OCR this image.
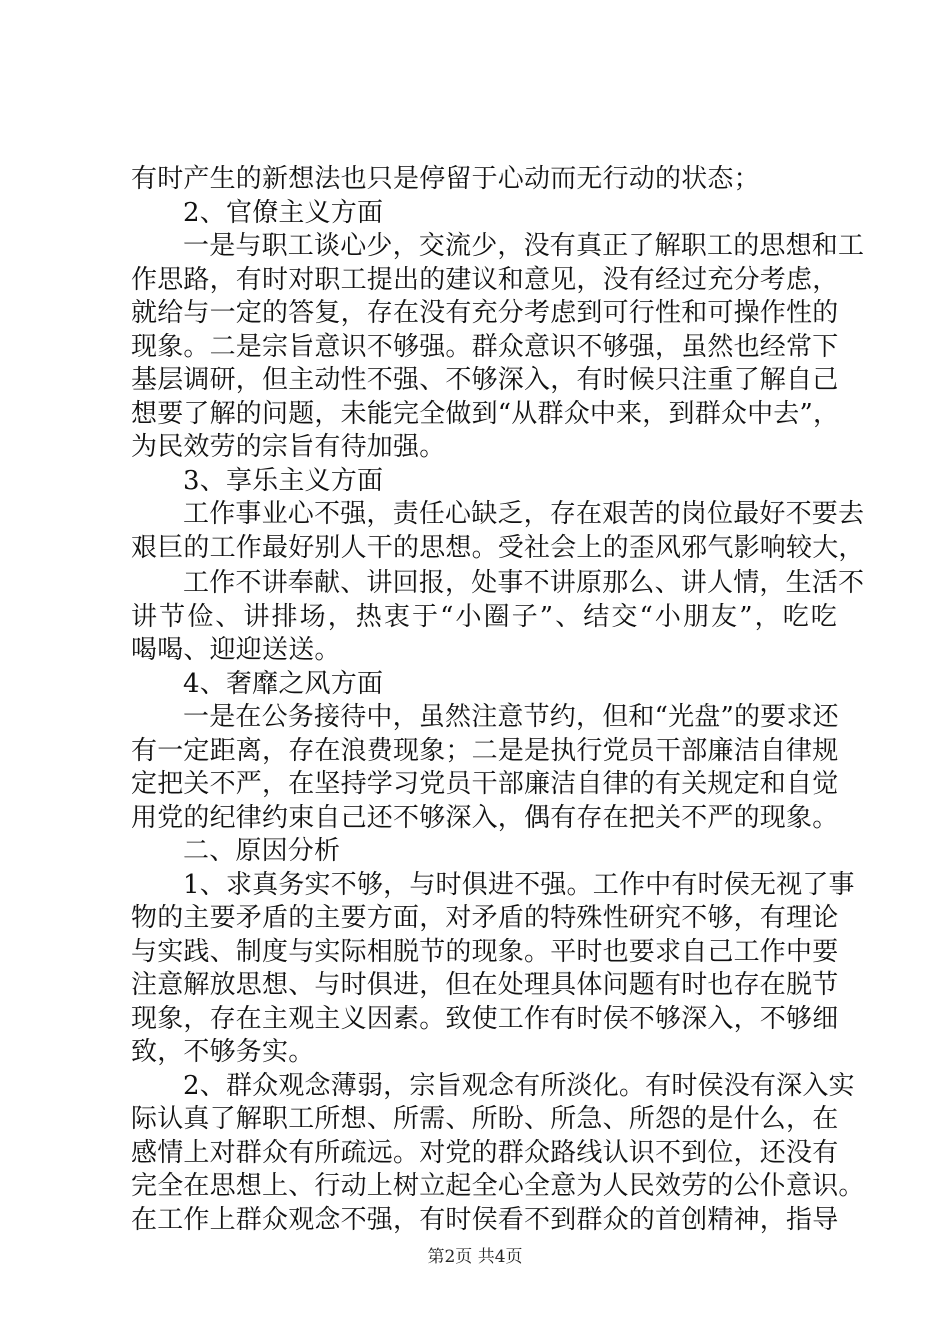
有时产生的新想法也只是停留于心动而无行动的状态；
2、官僚主义方面
一是与职工谈心少，交流少，没有真正了解职工的思想和工
作思路，有时对职工提出的建议和意见，没有经过充分考虑，
就给与一定的答复，存在没有充分考虑到可行性和可操作性的
现象。二是宗旨意识不够强。群众意识不够强，虽然也经常下
基层调研，但主动性不强、不够深入，有时候只注重了解自己
想要了解的问题，未能完全做到“从群众中来，到群众中去”，
为民效劳的宗旨有待加强。
3、享乐主义方面
工作事业心不强，责任心缺乏，存在艰苦的岗位最好不要去
艰巨的工作最好别人干的思想。受社会上的歪风邪气影响较大，
工作不讲奉献、讲回报，处事不讲原那么、讲人情，生活不
讲节俭、讲排场，热衷于“小圈子”、结交“小朋友”，吃吃
喝喝、迎迎送送。
4、奢靡之风方面
一是在公务接待中，虽然注意节约，但和“光盘”的要求还
有一定距离，存在浪费现象；二是是执行党员干部廉洁自律规
定把关不严，在坚持学习党员干部廉洁自律的有关规定和自觉
用党的纪律约束自己还不够深入，偶有存在把关不严的现象。
二、原因分析
1、求真务实不够，与时俱进不强。工作中有时侯无视了事
物的主要矛盾的主要方面，对矛盾的特殊性研究不够，有理论
与实践、制度与实际相脱节的现象。平时也要求自己工作中要
注意解放思想、与时俱进，但在处理具体问题有时也存在脱节
现象，存在主观主义因素。致使工作有时侯不够深入，不够细
致，不够务实。
2、群众观念薄弱，宗旨观念有所淡化。有时侯没有深入实
际认真了解职工所想、所需、所盼、所急、所怨的是什么，在
感情上对群众有所疏远。对党的群众路线认识不到位，还没有
完全在思想上、行动上树立起全心全意为人民效劳的公仆意识。
在工作上群众观念不强，有时侯看不到群众的首创精神，指导
第2页 共4页
